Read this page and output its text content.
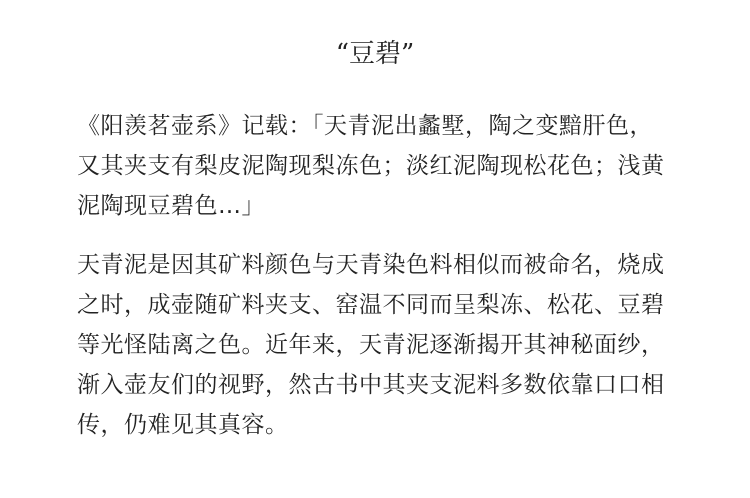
“豆碧”
《阳羡茗壶系》记载：「天青泥出蠡墅，陶之变黯肝色，
又其夹支有梨皮泥陶现梨冻色；淡红泥陶现松花色；浅黄
泥陶现豆碧色…」
天青泥是因其矿料颜色与天青染色料相似而被命名，烧成
之时，成壶随矿料夹支、窑温不同而呈梨冻、松花、豆碧
等光怪陆离之色。近年来，天青泥逐渐揭开其神秘面纱，
渐入壶友们的视野，然古书中其夹支泥料多数依靠口口相
传，仍难见其真容。
